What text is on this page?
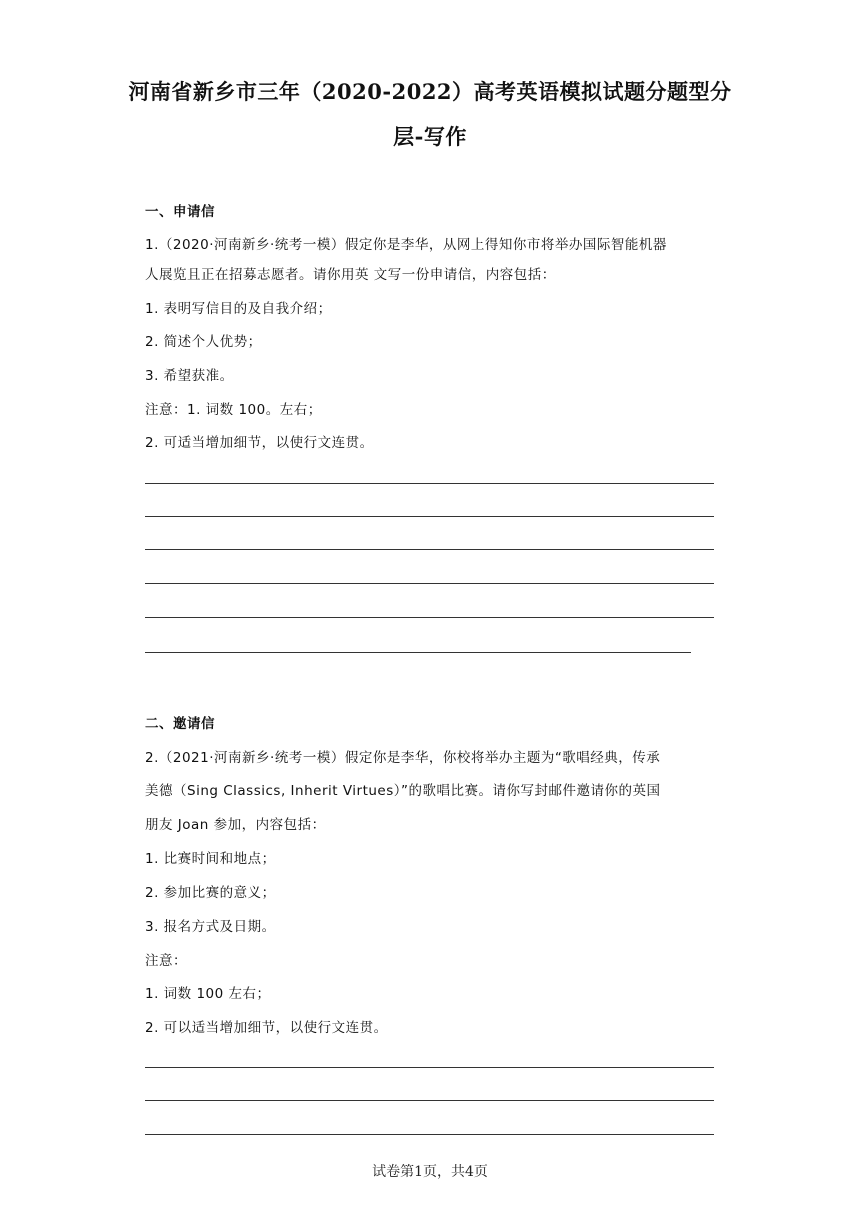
河南省新乡市三年（2020-2022）高考英语模拟试题分题型分
层-写作
一、申请信
1.（2020·河南新乡·统考一模）假定你是李华，从网上得知你市将举办国际智能机器
人展览且正在招募志愿者。请你用英 文写一份申请信，内容包括：
1. 表明写信目的及自我介绍；
2. 简述个人优势；
3. 希望获准。
注意：1. 词数 100。左右；
2. 可适当增加细节，以使行文连贯。
二、邀请信
2.（2021·河南新乡·统考一模）假定你是李华，你校将举办主题为“歌唱经典，传承
美德（Sing Classics, Inherit Virtues）”的歌唱比赛。请你写封邮件邀请你的英国
朋友 Joan 参加，内容包括：
1. 比赛时间和地点；
2. 参加比赛的意义；
3. 报名方式及日期。
注意：
1. 词数 100 左右；
2. 可以适当增加细节，以使行文连贯。
试卷第1页，共4页
